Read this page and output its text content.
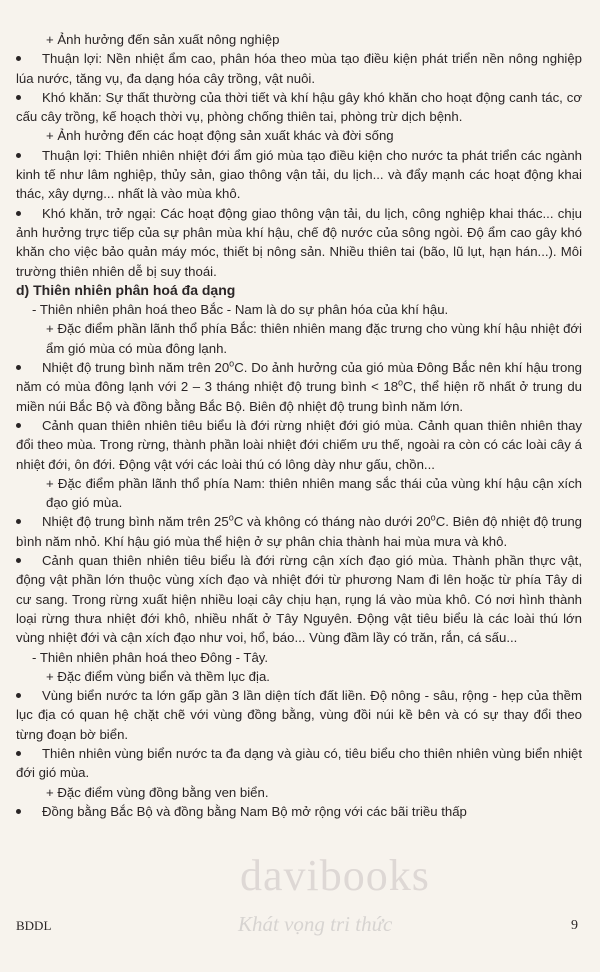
+ Ảnh hưởng đến sản xuất nông nghiệp

Thuận lợi: Nền nhiệt ẩm cao, phân hóa theo mùa tạo điều kiện phát triển nền nông nghiệp lúa nước, tăng vụ, đa dạng hóa cây trồng, vật nuôi.

Khó khăn: Sự thất thường của thời tiết và khí hậu gây khó khăn cho hoạt động canh tác, cơ cấu cây trồng, kế hoạch thời vụ, phòng chống thiên tai, phòng trừ dịch bệnh.

+ Ảnh hưởng đến các hoạt động sản xuất khác và đời sống

Thuận lợi: Thiên nhiên nhiệt đới ẩm gió mùa tạo điều kiện cho nước ta phát triển các ngành kinh tế như lâm nghiệp, thủy sản, giao thông vận tải, du lịch... và đẩy mạnh các hoạt động khai thác, xây dựng... nhất là vào mùa khô.

Khó khăn, trở ngại: Các hoạt động giao thông vận tải, du lịch, công nghiệp khai thác... chịu ảnh hưởng trực tiếp của sự phân mùa khí hậu, chế độ nước của sông ngòi. Độ ẩm cao gây khó khăn cho việc bảo quản máy móc, thiết bị nông sản. Nhiều thiên tai (bão, lũ lụt, hạn hán...). Môi trường thiên nhiên dễ bị suy thoái.

d) Thiên nhiên phân hoá đa dạng

- Thiên nhiên phân hoá theo Bắc - Nam là do sự phân hóa của khí hậu.

+ Đặc điểm phần lãnh thổ phía Bắc: thiên nhiên mang đặc trưng cho vùng khí hậu nhiệt đới ẩm gió mùa có mùa đông lạnh.

Nhiệt độ trung bình năm trên 20$^o$C. Do ảnh hưởng của gió mùa Đông Bắc nên khí hậu trong năm có mùa đông lạnh với 2 – 3 tháng nhiệt độ trung bình < $18^oC$, thể hiện rõ nhất ở trung du miền núi Bắc Bộ và đồng bằng Bắc Bộ. Biên độ nhiệt độ trung bình năm lớn.

Cảnh quan thiên nhiên tiêu biểu là đới rừng nhiệt đới gió mùa. Cảnh quan thiên nhiên thay đổi theo mùa. Trong rừng, thành phần loài nhiệt đới chiếm ưu thế, ngoài ra còn có các loài cây á nhiệt đới, ôn đới. Động vật với các loài thú có lông dày như gấu, chồn...

+ Đặc điểm phần lãnh thổ phía Nam: thiên nhiên mang sắc thái của vùng khí hậu cận xích đạo gió mùa.

Nhiệt độ trung bình năm trên 25$^o$C và không có tháng nào dưới 20$^o$C. Biên độ nhiệt độ trung bình năm nhỏ. Khí hậu gió mùa thể hiện ở sự phân chia thành hai mùa mưa và khô.

Cảnh quan thiên nhiên tiêu biểu là đới rừng cận xích đạo gió mùa. Thành phần thực vật, động vật phần lớn thuộc vùng xích đạo và nhiệt đới từ phương Nam đi lên hoặc từ phía Tây di cư sang. Trong rừng xuất hiện nhiều loại cây chịu hạn, rụng lá vào mùa khô. Có nơi hình thành loại rừng thưa nhiệt đới khô, nhiều nhất ở Tây Nguyên. Động vật tiêu biểu là các loài thú lớn vùng nhiệt đới và cận xích đạo như voi, hổ, báo... Vùng đầm lầy có trăn, rắn, cá sấu...

- Thiên nhiên phân hoá theo Đông - Tây.

+ Đặc điểm vùng biển và thềm lục địa.

Vùng biển nước ta lớn gấp gần 3 lần diện tích đất liền. Độ nông - sâu, rộng - hẹp của thềm lục địa có quan hệ chặt chẽ với vùng đồng bằng, vùng đồi núi kề bên và có sự thay đổi theo từng đoạn bờ biển.

Thiên nhiên vùng biển nước ta đa dạng và giàu có, tiêu biểu cho thiên nhiên vùng biển nhiệt đới gió mùa.

+ Đặc điểm vùng đồng bằng ven biển.

Đồng bằng Bắc Bộ và đồng bằng Nam Bộ mở rộng với các bãi triều thấp

davibooks
Khát vọng tri thức
BDDL	9
